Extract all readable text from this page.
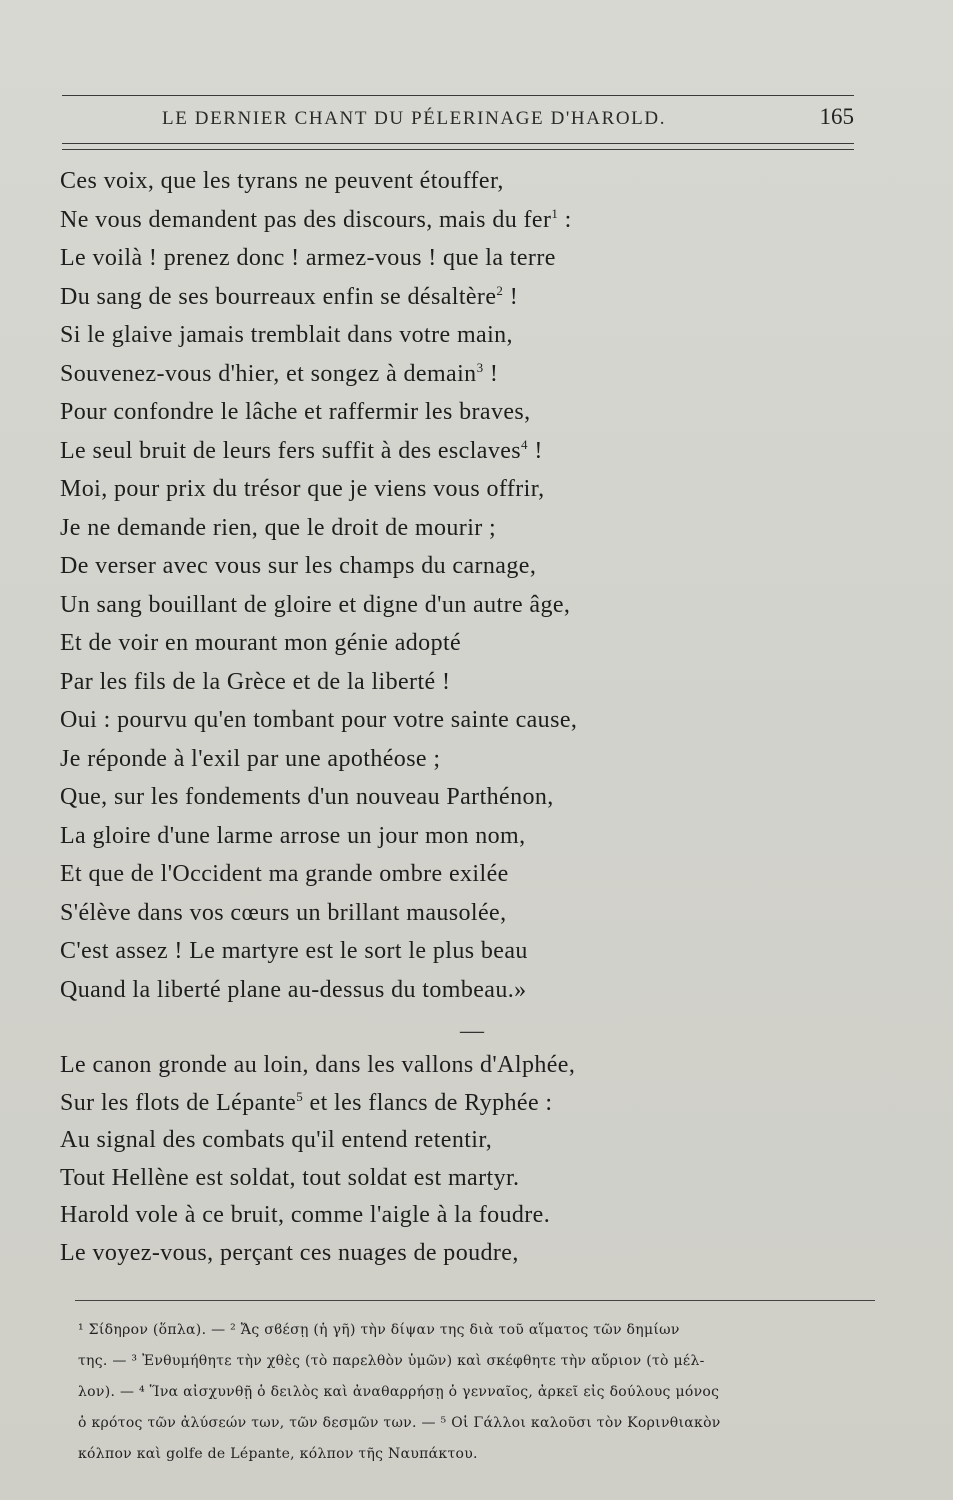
LE DERNIER CHANT DU PÉLERINAGE D'HAROLD.	165
Ces voix, que les tyrans ne peuvent étouffer,
Ne vous demandent pas des discours, mais du fer$^1$ :
Le voilà ! prenez donc ! armez-vous ! que la terre
Du sang de ses bourreaux enfin se désaltère$^2$ !
Si le glaive jamais tremblait dans votre main,
Souvenez-vous d'hier, et songez à demain$^3$ !
Pour confondre le lâche et raffermir les braves,
Le seul bruit de leurs fers suffit à des esclaves$^4$ !
Moi, pour prix du trésor que je viens vous offrir,
Je ne demande rien, que le droit de mourir ;
De verser avec vous sur les champs du carnage,
Un sang bouillant de gloire et digne d'un autre âge,
Et de voir en mourant mon génie adopté
Par les fils de la Grèce et de la liberté !
Oui : pourvu qu'en tombant pour votre sainte cause,
Je réponde à l'exil par une apothéose ;
Que, sur les fondements d'un nouveau Parthénon,
La gloire d'une larme arrose un jour mon nom,
Et que de l'Occident ma grande ombre exilée
S'élève dans vos cœurs un brillant mausolée,
C'est assez ! Le martyre est le sort le plus beau
Quand la liberté plane au-dessus du tombeau.»
—
Le canon gronde au loin, dans les vallons d'Alphée,
Sur les flots de Lépante$^5$ et les flancs de Ryphée :
Au signal des combats qu'il entend retentir,
Tout Hellène est soldat, tout soldat est martyr.
Harold vole à ce bruit, comme l'aigle à la foudre.
Le voyez-vous, perçant ces nuages de poudre,
¹ Σίδηρον (ὅπλα). — ² Ἄς σϐέσῃ (ἡ γῆ) τὴν δίψαν της διὰ τοῦ αἵματος τῶν δημίων
της. — ³ Ἐνθυμήθητε τὴν χθὲς (τὸ παρελθὸν ὑμῶν) καὶ σκέφθητε τὴν αὔριον (τὸ μέλ-
λον). — ⁴ Ἵνα αἰσχυνθῇ ὁ δειλὸς καὶ ἀναθαρρήσῃ ὁ γενναῖος, ἀρκεῖ εἰς δούλους μόνος
ὁ κρότος τῶν ἀλύσεών των, τῶν δεσμῶν των. — ⁵ Οἱ Γάλλοι καλοῦσι τὸν Κορινθιακὸν
κόλπον καὶ golfe de Lépante, κόλπον τῆς Ναυπάκτου.
